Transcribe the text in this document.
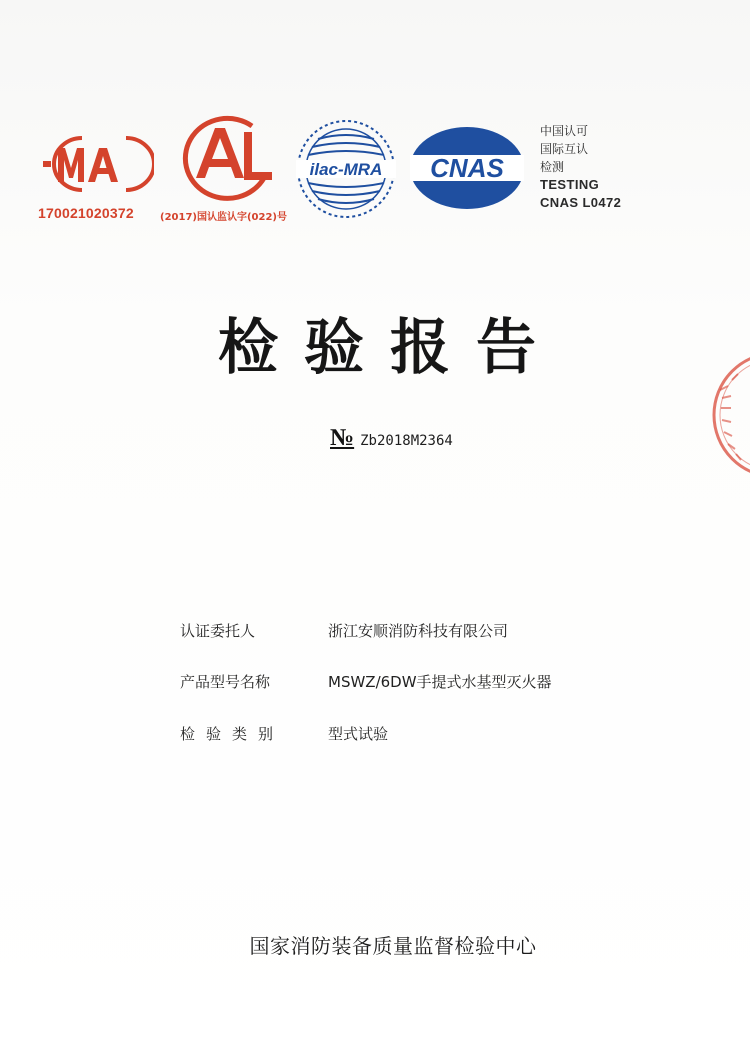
ilac-MRA CNAS
170021020372	(2017)国认监认字(022)号
中国认可
国际互认
检测
TESTING
CNAS L0472
检验报告
№ Zb2018M2364
认证委托人	浙江安顺消防科技有限公司
产品型号名称	MSWZ/6DW手提式水基型灭火器
检验类别	型式试验
国家消防装备质量监督检验中心
